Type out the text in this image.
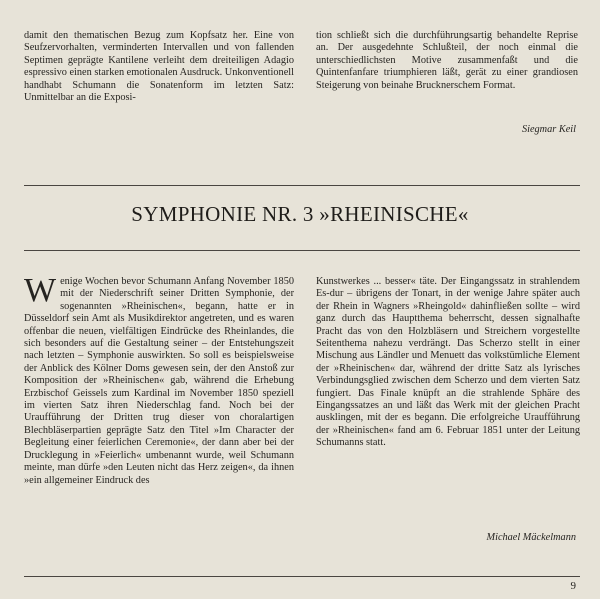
damit den thematischen Bezug zum Kopfsatz her. Eine von Seufzervorhalten, verminderten Intervallen und von fallenden Septimen geprägte Kantilene verleiht dem dreiteiligen Adagio espressivo einen starken emotionalen Ausdruck. Unkonventionell handhabt Schumann die Sonatenform im letzten Satz: Unmittelbar an die Exposi-

tion schließt sich die durchführungsartig behandelte Reprise an. Der ausgedehnte Schlußteil, der noch einmal die unterschiedlichsten Motive zusammenfaßt und die Quintenfanfare triumphieren läßt, gerät zu einer grandiosen Steigerung von beinahe Brucknerschem Format.

Siegmar Keil
SYMPHONIE NR. 3 »RHEINISCHE«

Wenige Wochen bevor Schumann Anfang November 1850 mit der Niederschrift seiner Dritten Symphonie, der sogenannten »Rheinischen«, begann, hatte er in Düsseldorf sein Amt als Musikdirektor angetreten, und es waren offenbar die neuen, vielfältigen Eindrücke des Rheinlandes, die sich besonders auf die Gestaltung seiner – der Entstehungszeit nach letzten – Symphonie auswirkten. So soll es beispielsweise der Anblick des Kölner Doms gewesen sein, der den Anstoß zur Komposition der »Rheinischen« gab, während die Erhebung Erzbischof Geissels zum Kardinal im November 1850 speziell im vierten Satz ihren Niederschlag fand. Noch bei der Uraufführung der Dritten trug dieser von choralartigen Blechbläserpartien geprägte Satz den Titel »Im Character der Begleitung einer feierlichen Ceremonie«, der dann aber bei der Drucklegung in »Feierlich« umbenannt wurde, weil Schumann meinte, man dürfe »den Leuten nicht das Herz zeigen«, da ihnen »ein allgemeiner Eindruck des

Kunstwerkes ... besser« täte. Der Eingangssatz in strahlendem Es-dur – übrigens der Tonart, in der wenige Jahre später auch der Rhein in Wagners »Rheingold« dahinfließen sollte – wird ganz durch das Hauptthema beherrscht, dessen signalhafte Pracht das von den Holzbläsern und Streichern vorgestellte Seitenthema nahezu verdrängt. Das Scherzo stellt in einer Mischung aus Ländler und Menuett das volkstümliche Element der »Rheinischen« dar, während der dritte Satz als lyrisches Verbindungsglied zwischen dem Scherzo und dem vierten Satz fungiert. Das Finale knüpft an die strahlende Sphäre des Eingangssatzes an und läßt das Werk mit der gleichen Pracht ausklingen, mit der es begann. Die erfolgreiche Uraufführung der »Rheinischen« fand am 6. Februar 1851 unter der Leitung Schumanns statt.

Michael Mäckelmann
9
